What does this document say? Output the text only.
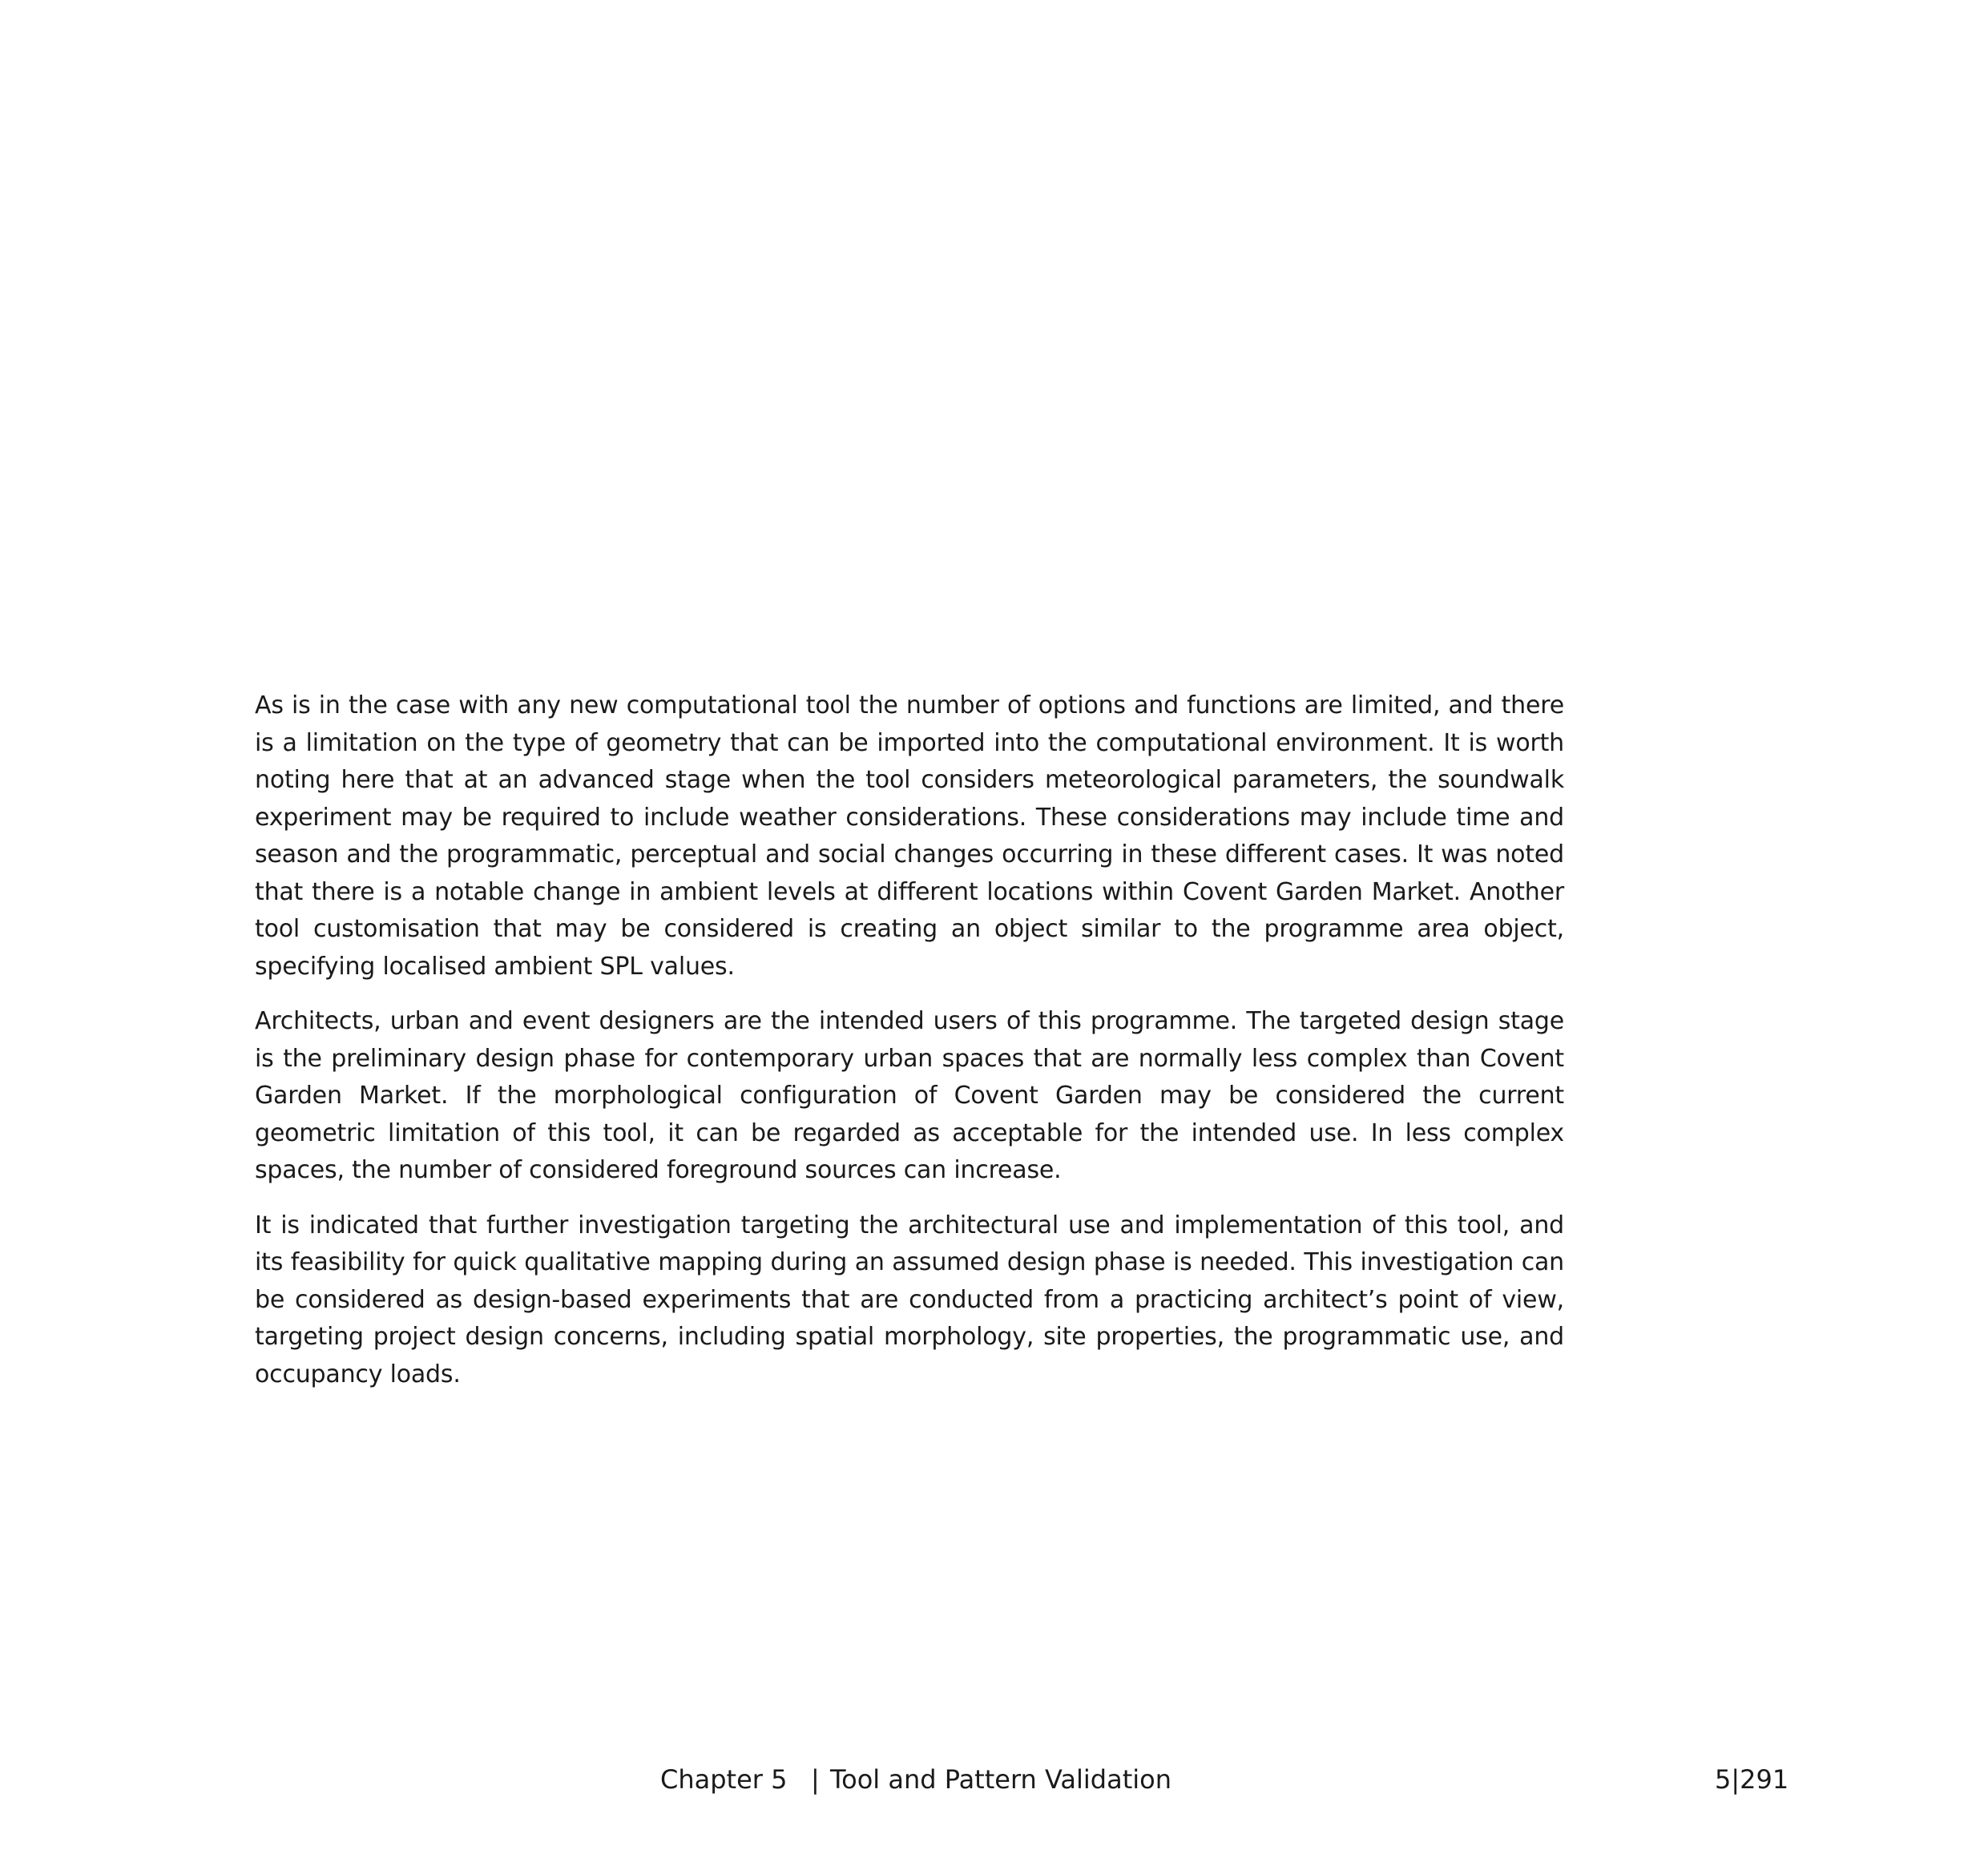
As is in the case with any new computational tool the number of options and functions are limited, and there is a limitation on the type of geometry that can be imported into the computational environment. It is worth noting here that at an advanced stage when the tool considers meteorological parameters, the soundwalk experiment may be required to include weather considerations. These considerations may include time and season and the programmatic, perceptual and social changes occurring in these different cases. It was noted that there is a notable change in ambient levels at different locations within Covent Garden Market. Another tool customisation that may be considered is creating an object similar to the programme area object, specifying localised ambient SPL values.

Architects, urban and event designers are the intended users of this programme. The targeted design stage is the preliminary design phase for contemporary urban spaces that are normally less complex than Covent Garden Market. If the morphological configuration of Covent Garden may be considered the current geometric limitation of this tool, it can be regarded as acceptable for the intended use. In less complex spaces, the number of considered foreground sources can increase.

It is indicated that further investigation targeting the architectural use and implementation of this tool, and its feasibility for quick qualitative mapping during an assumed design phase is needed. This investigation can be considered as design-based experiments that are conducted from a practicing architect’s point of view, targeting project design concerns, including spatial morphology, site properties, the programmatic use, and occupancy loads.

Chapter 5 | Tool and Pattern Validation	5|291
